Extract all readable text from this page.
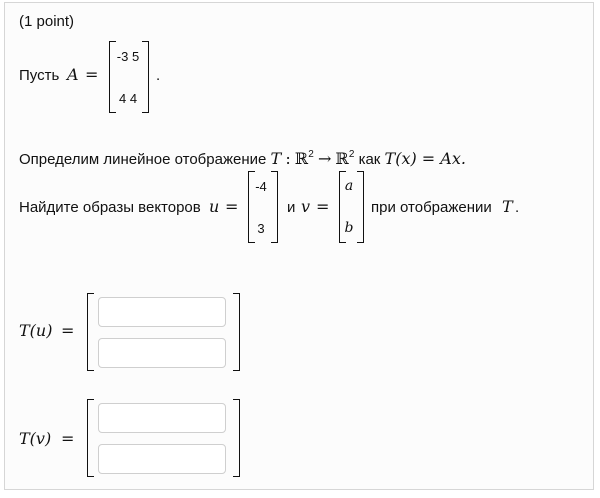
(1 point)
Пусть A =
-3 5
4 4
.
Определим линейное отображение T : ℝ$^2$ → ℝ$^2$ как T(x) = Ax.
Найдите образы векторов u =
-4
3
и v =
a
b
при отображении T .
T(u) =
T(v) =
